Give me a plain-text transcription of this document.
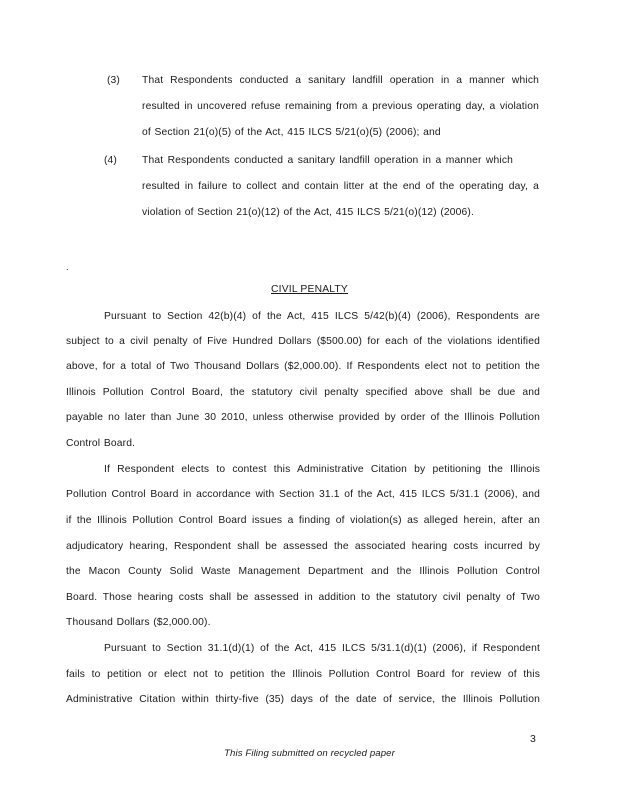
(3) That Respondents conducted a sanitary landfill operation in a manner which
resulted in uncovered refuse remaining from a previous operating day, a violation
of Section 21(o)(5) of the Act, 415 ILCS 5/21(o)(5) (2006); and
(4) That Respondents conducted a sanitary landfill operation in a manner which
resulted in failure to collect and contain litter at the end of the operating day, a
violation of Section 21(o)(12) of the Act, 415 ILCS 5/21(o)(12) (2006).
.
CIVIL PENALTY
Pursuant to Section 42(b)(4) of the Act, 415 ILCS 5/42(b)(4) (2006), Respondents are
subject to a civil penalty of Five Hundred Dollars ($500.00) for each of the violations identified
above, for a total of Two Thousand Dollars ($2,000.00). If Respondents elect not to petition the
Illinois Pollution Control Board, the statutory civil penalty specified above shall be due and
payable no later than June 30 2010, unless otherwise provided by order of the Illinois Pollution
Control Board.
If Respondent elects to contest this Administrative Citation by petitioning the Illinois
Pollution Control Board in accordance with Section 31.1 of the Act, 415 ILCS 5/31.1 (2006), and
if the Illinois Pollution Control Board issues a finding of violation(s) as alleged herein, after an
adjudicatory hearing, Respondent shall be assessed the associated hearing costs incurred by
the Macon County Solid Waste Management Department and the Illinois Pollution Control
Board. Those hearing costs shall be assessed in addition to the statutory civil penalty of Two
Thousand Dollars ($2,000.00).
Pursuant to Section 31.1(d)(1) of the Act, 415 ILCS 5/31.1(d)(1) (2006), if Respondent
fails to petition or elect not to petition the Illinois Pollution Control Board for review of this
Administrative Citation within thirty-five (35) days of the date of service, the Illinois Pollution
3
This Filing submitted on recycled paper
